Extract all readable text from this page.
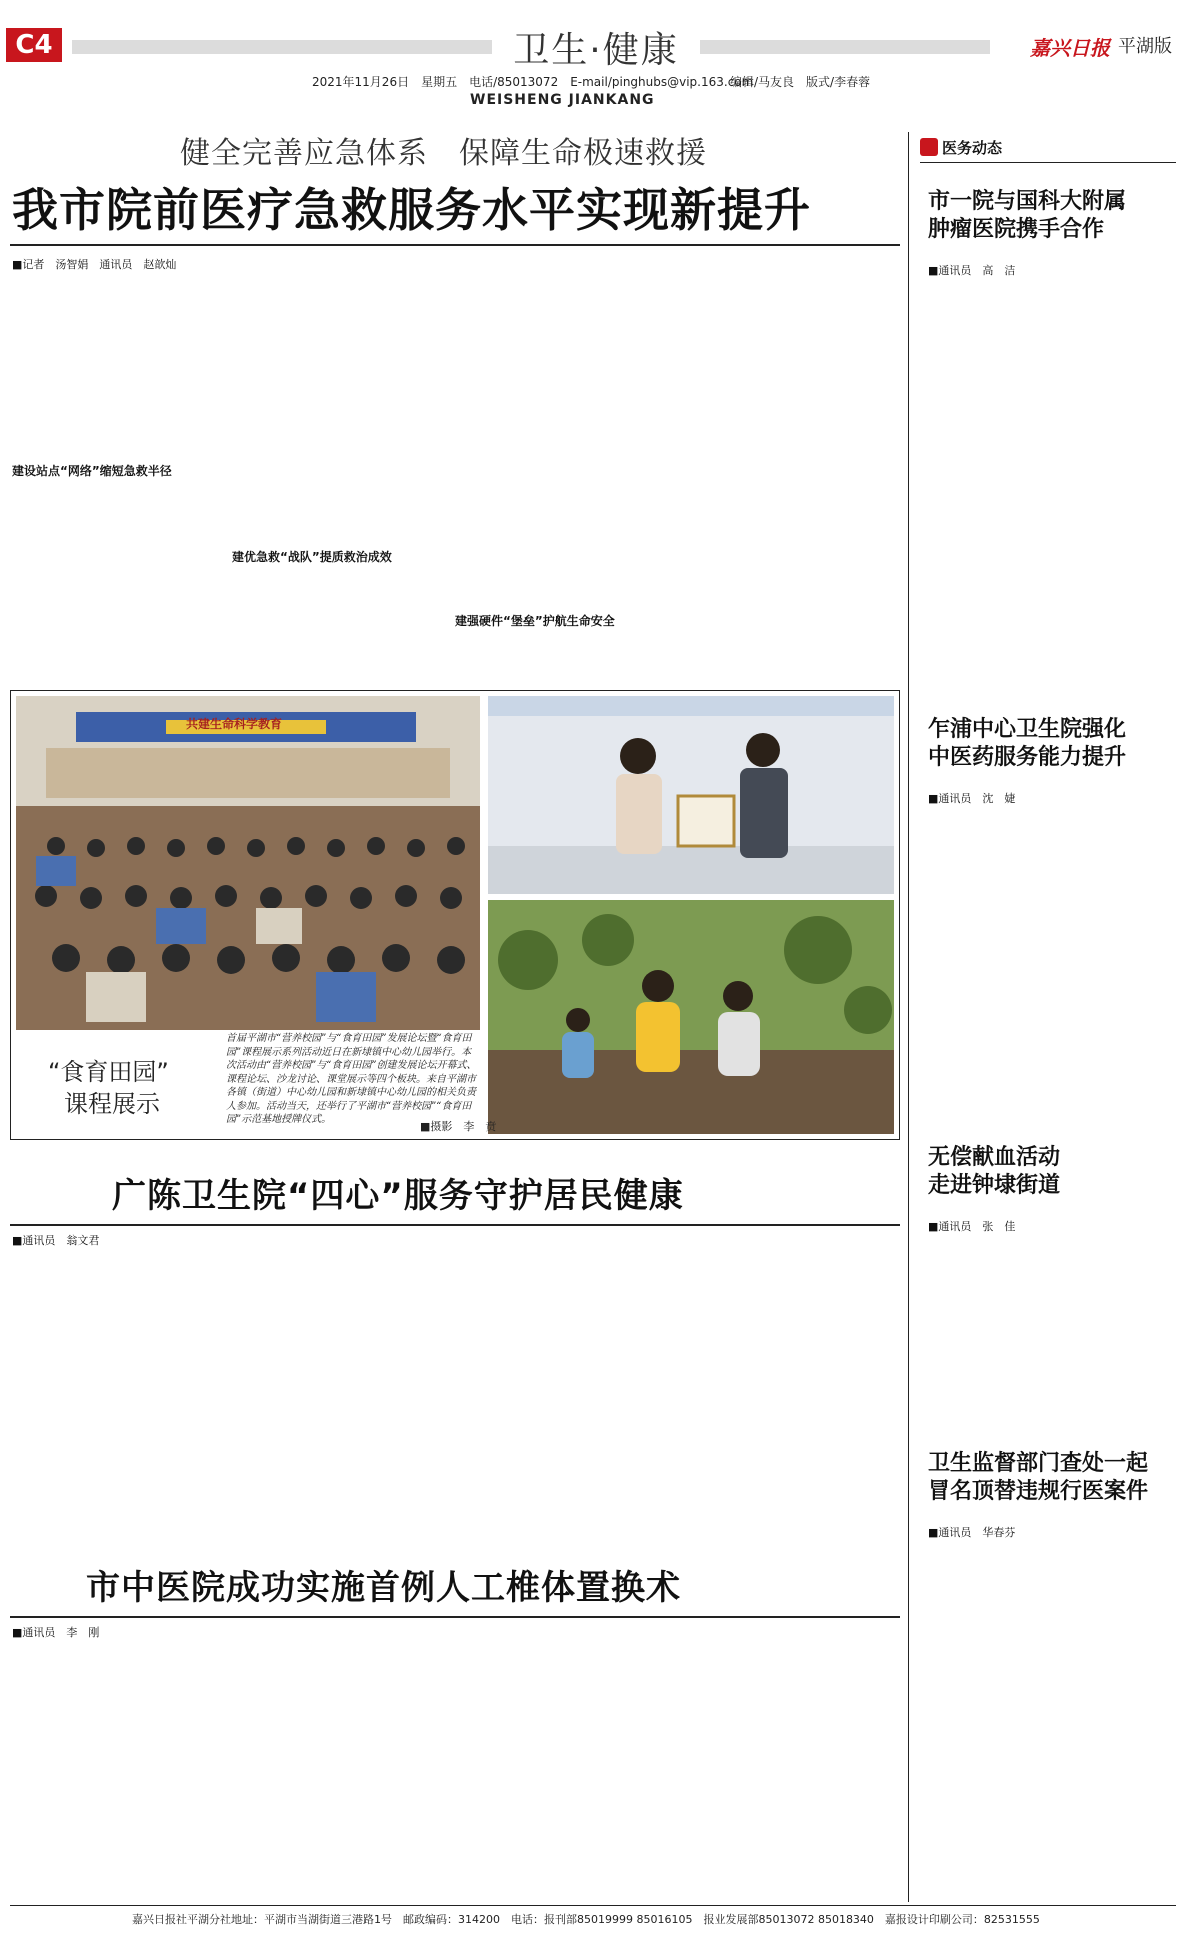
C4	卫生·健康	嘉兴日报 平湖版
2021年11月26日　星期五　电话/85013072　E-mail/pinghubs@vip.163.com
编辑/马友良　版式/李春蓉
WEISHENG JIANKANG
健全完善应急体系　保障生命极速救援
我市院前医疗急救服务水平实现新提升
■记者　汤智娟　通讯员　赵歆灿
建设站点“网络”缩短急救半径
建优急救“战队”提质救治成效
建强硬件“堡垒”护航生命安全
共建生命科学教育
“食育田园”
课程展示
首届平湖市“营养校园”与“食育田园”发展论坛暨“食育田园”课程展示系列活动近日在新埭镇中心幼儿园举行。本次活动由“营养校园”与“食育田园”创建发展论坛开幕式、课程论坛、沙龙讨论、课堂展示等四个板块。来自平湖市各镇（街道）中心幼儿园和新埭镇中心幼儿园的相关负责人参加。活动当天，还举行了平湖市“营养校园”“食育田园”示范基地授牌仪式。
■摄影　李　贲
广陈卫生院“四心”服务守护居民健康
■通讯员　翁文君
市中医院成功实施首例人工椎体置换术
■通讯员　李　刚
医务动态
市一院与国科大附属
肿瘤医院携手合作
■通讯员　高　洁
乍浦中心卫生院强化
中医药服务能力提升
■通讯员　沈　婕
无偿献血活动
走进钟埭街道
■通讯员　张　佳
卫生监督部门查处一起
冒名顶替违规行医案件
■通讯员　华春芬
嘉兴日报社平湖分社地址：平湖市当湖街道三港路1号　邮政编码：314200　电话：报刊部85019999 85016105　报业发展部85013072 85018340　嘉报设计印刷公司：82531555
